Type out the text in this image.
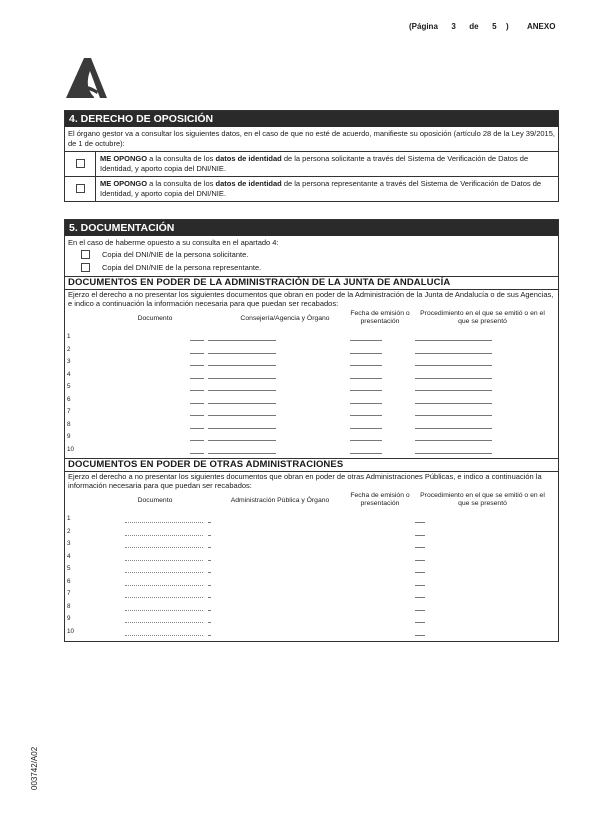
(Página 3 de 5 ) ANEXO
4. DERECHO DE OPOSICIÓN
El órgano gestor va a consultar los siguientes datos, en el caso de que no esté de acuerdo, manifieste su oposición (artículo 28 de la Ley 39/2015, de 1 de octubre):
ME OPONGO a la consulta de los datos de identidad de la persona solicitante a través del Sistema de Verificación de Datos de Identidad, y aporto copia del DNI/NIE.
ME OPONGO a la consulta de los datos de identidad de la persona representante a través del Sistema de Verificación de Datos de Identidad, y aporto copia del DNI/NIE.
5. DOCUMENTACIÓN
En el caso de haberme opuesto a su consulta en el apartado 4:
Copia del DNI/NIE de la persona solicitante.
Copia del DNI/NIE de la persona representante.
DOCUMENTOS EN PODER DE LA ADMINISTRACIÓN DE LA JUNTA DE ANDALUCÍA
Ejerzo el derecho a no presentar los siguientes documentos que obran en poder de la Administración de la Junta de Andalucía o de sus Agencias, e indico a continuación la información necesaria para que puedan ser recabados:
Documento	Consejería/Agencia y Órgano
Fecha de emisión o presentación
Procedimiento en el que se emitió o en el que se presentó
1
2
3
4
5
6
7
8
9
10
DOCUMENTOS EN PODER DE OTRAS ADMINISTRACIONES
Ejerzo el derecho a no presentar los siguientes documentos que obran en poder de otras Administraciones Públicas, e indico a continuación la información necesaria para que puedan ser recabados:
Documento	Administración Pública y Órgano
Fecha de emisión o presentación
Procedimiento en el que se emitió o en el que se presentó
1
2
3
4
5
6
7
8
9
10
003742/A02
